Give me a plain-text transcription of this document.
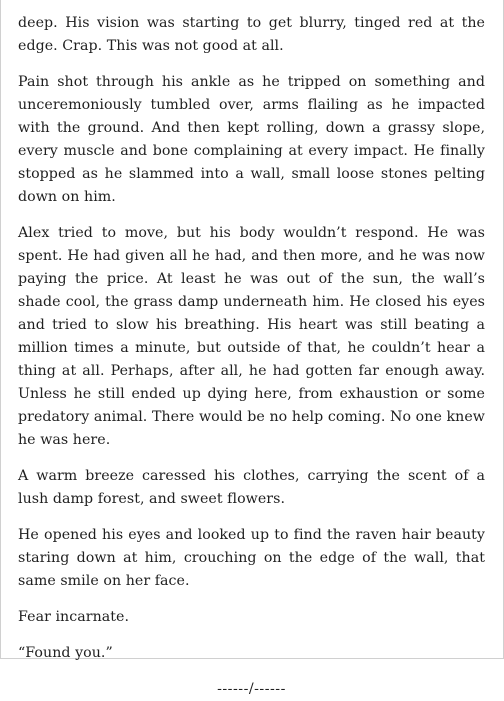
deep. His vision was starting to get blurry, tinged red at the edge. Crap. This was not good at all.

Pain shot through his ankle as he tripped on something and unceremoniously tumbled over, arms flailing as he impacted with the ground. And then kept rolling, down a grassy slope, every muscle and bone complaining at every impact. He finally stopped as he slammed into a wall, small loose stones pelting down on him.

Alex tried to move, but his body wouldn’t respond. He was spent. He had given all he had, and then more, and he was now paying the price. At least he was out of the sun, the wall’s shade cool, the grass damp underneath him. He closed his eyes and tried to slow his breathing. His heart was still beating a million times a minute, but outside of that, he couldn’t hear a thing at all. Perhaps, after all, he had gotten far enough away. Unless he still ended up dying here, from exhaustion or some predatory animal. There would be no help coming. No one knew he was here.

A warm breeze caressed his clothes, carrying the scent of a lush damp forest, and sweet flowers.

He opened his eyes and looked up to find the raven hair beauty staring down at him, crouching on the edge of the wall, that same smile on her face.

Fear incarnate.

“Found you.”

------/------
